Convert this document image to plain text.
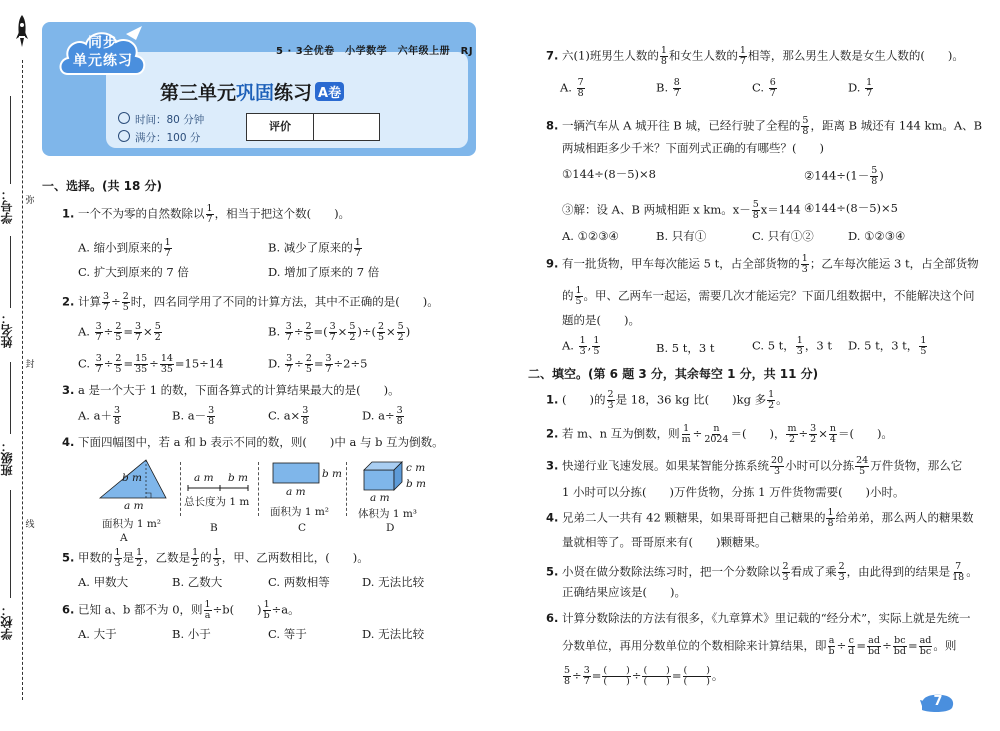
学号：
姓名：
班级：
学校：
弥
封
线
同步
单元练习
5 · 3全优卷　小学数学　六年级上册　RJ
第三单元巩固练习 A卷
时间：80 分钟
满分：100 分
评价
一、选择。(共 18 分)
1. 一个不为零的自然数除以 $\frac{1}{7}$ ，相当于把这个数(　　)。
A. 缩小到原来的 $\frac{1}{7}$	B. 减少了原来的 $\frac{1}{7}$
C. 扩大到原来的 7 倍	D. 增加了原来的 7 倍
2. 计算 $\frac{3}{7} \div \frac{2}{5}$ 时，四名同学用了不同的计算方法，其中不正确的是(　　)。
A. $\frac{3}{7} \div \frac{2}{5} = \frac{3}{7} \times \frac{5}{2}$	B. $\frac{3}{7} \div \frac{2}{5}$ =( $\frac{3}{7} \times \frac{5}{2}$ )÷( $\frac{2}{5} \times \frac{5}{2}$ )
C. $\frac{3}{7} \div \frac{2}{5} = \frac{15}{35} \div \frac{14}{35} =15\div 14$	D. $\frac{3}{7} \div \frac{2}{5} = \frac{3}{7} \div 2\div 5$
3. a 是一个大于 1 的数，下面各算式的计算结果最大的是(　　)。
A. $a+ \frac{3}{8}$	B. $a- \frac{3}{8}$	C. $a\times \frac{3}{8}$	D. $a\div \frac{3}{8}$
4. 下面四幅图中，若 a 和 b 表示不同的数，则(　　)中 a 与 b 互为倒数。
b m
a m
面积为 1 m²
A
a m b m
总长度为 1 m
B
b m
a m
面积为 1 m²
C
c m
b m
a m
体积为 1 m³
D
5. 甲数的 $\frac{1}{3}$ 是 $\frac{1}{2}$ ，乙数是 $\frac{1}{2}$ 的 $\frac{1}{3}$ ，甲、乙两数相比，(　　)。
A. 甲数大	B. 乙数大	C. 两数相等	D. 无法比较
6. 已知 a、b 都不为 0，则 $\frac{1}{a} \div b$(　　) $\frac{1}{b} \div a$。
A. 大于	B. 小于	C. 等于	D. 无法比较
7. 六(1)班男生人数的 $\frac{1}{8}$ 和女生人数的 $\frac{1}{7}$ 相等，那么男生人数是女生人数的(　　)。
A. $\frac{7}{8}$	B. $\frac{8}{7}$	C. $\frac{6}{7}$	D. $\frac{1}{7}$
8. 一辆汽车从 A 城开往 B 城，已经行驶了全程的 $\frac{5}{8}$ ，距离 B 城还有 144 km。A、B
两城相距多少千米？下面列式正确的有哪些？(　　)
①144÷(8－5)×8	②144÷(1－ $\frac{5}{8}$ )
③解：设 A、B 两城相距 x km。$x- \frac{5}{8} x=144$ ④144÷(8－5)×5
A. ①②③④	B. 只有①	C. 只有①②	D. ①②③④
9. 有一批货物，甲车每次能运 5 t，占全部货物的 $\frac{1}{3}$ ；乙车每次能运 3 t，占全部货物
的 $\frac{1}{5}$ 。甲、乙两车一起运，需要几次才能运完？下面几组数据中，不能解决这个问
题的是(　　)。
A. $\frac{1}{3}$ , $\frac{1}{5}$	B. 5 t，3 t	C. 5 t， $\frac{1}{3}$ ，3 t D. 5 t，3 t， $\frac{1}{5}$
二、填空。(第 6 题 3 分，其余每空 1 分，共 11 分)
1. (　　)的 $\frac{2}{3}$ 是 18，36 kg 比(　　)kg 多 $\frac{1}{2}$ 。
2. 若 m、n 互为倒数，则 $\frac{1}{m} \div \frac{n}{2024}$ ＝(　　)， $\frac{m}{2} \div \frac{3}{2} \times \frac{n}{4}$ ＝(　　)。
3. 快递行业飞速发展。如果某智能分拣系统 $\frac{20}{3}$ 小时可以分拣 $\frac{24}{5}$ 万件货物，那么它
1 小时可以分拣(　　)万件货物，分拣 1 万件货物需要(　　)小时。
4. 兄弟二人一共有 42 颗糖果，如果哥哥把自己糖果的 $\frac{1}{8}$ 给弟弟，那么两人的糖果数
量就相等了。哥哥原来有(　　)颗糖果。
5. 小贤在做分数除法练习时，把一个分数除以 $\frac{2}{3}$ 看成了乘 $\frac{2}{3}$ ，由此得到的结果是 $\frac{7}{18}$ 。
正确结果应该是(　　)。
6. 计算分数除法的方法有很多，《九章算术》里记载的“经分术”，实际上就是先统一
分数单位，再用分数单位的个数相除来计算结果，即 $\frac{a}{b} \div \frac{c}{d} = \frac{ad}{bd} \div \frac{bc}{bd} = \frac{ad}{bc}$ 。则
$\frac{5}{8} \div \frac{3}{7}$ = (　　)
(　　) ÷ (　　)
(　　) = (　　)
(　　) 。
7
